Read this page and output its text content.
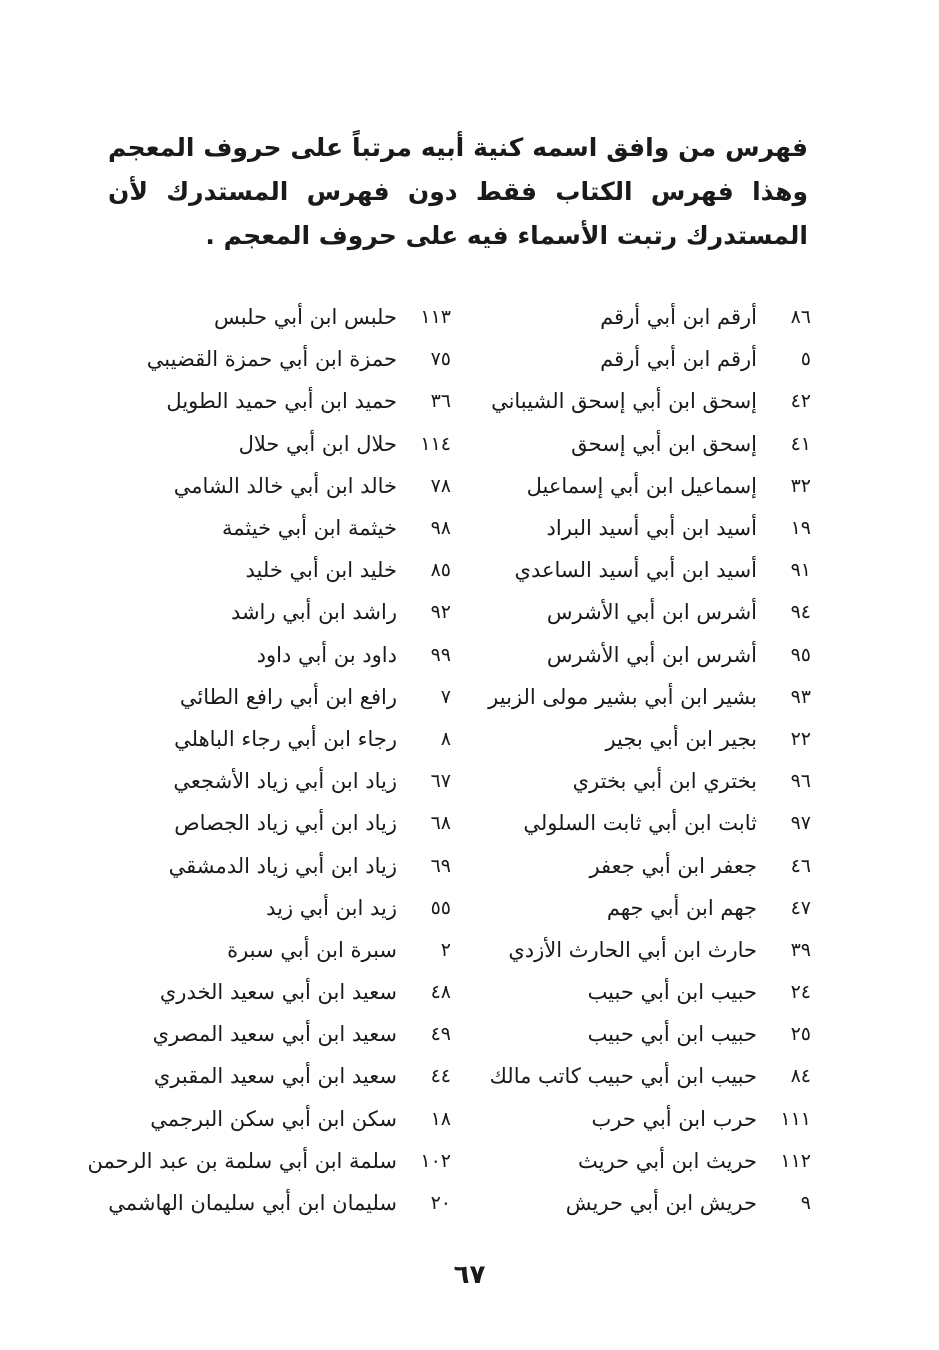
فهرس من وافق اسمه كنية أبيه مرتباً على حروف المعجم وهذا فهرس الكتاب فقط دون فهرس المستدرك لأن المستدرك رتبت الأسماء فيه على حروف المعجم .

٨٦
أرقم ابن أبي أرقم
٥
أرقم ابن أبي أرقم
٤٢
إسحق ابن أبي إسحق الشيباني
٤١
إسحق ابن أبي إسحق
٣٢
إسماعيل ابن أبي إسماعيل
١٩
أسيد ابن أبي أسيد البراد
٩١
أسيد ابن أبي أسيد الساعدي
٩٤
أشرس ابن أبي الأشرس
٩٥
أشرس ابن أبي الأشرس
٩٣
بشير ابن أبي بشير مولى الزبير
٢٢
بجير ابن أبي بجير
٩٦
بختري ابن أبي بختري
٩٧
ثابت ابن أبي ثابت السلولي
٤٦
جعفر ابن أبي جعفر
٤٧
جهم ابن أبي جهم
٣٩
حارث ابن أبي الحارث الأزدي
٢٤
حبيب ابن أبي حبيب
٢٥
حبيب ابن أبي حبيب
٨٤
حبيب ابن أبي حبيب كاتب مالك
١١١
حرب ابن أبي حرب
١١٢
حريث ابن أبي حريث
٩
حريش ابن أبي حريش
١١٣
حلبس ابن أبي حلبس
٧٥
حمزة ابن أبي حمزة القضيبي
٣٦
حميد ابن أبي حميد الطويل
١١٤
حلال ابن أبي حلال
٧٨
خالد ابن أبي خالد الشامي
٩٨
خيثمة ابن أبي خيثمة
٨٥
خليد ابن أبي خليد
٩٢
راشد ابن أبي راشد
٩٩
داود بن أبي داود
٧
رافع ابن أبي رافع الطائي
٨
رجاء ابن أبي رجاء الباهلي
٦٧
زياد ابن أبي زياد الأشجعي
٦٨
زياد ابن أبي زياد الجصاص
٦٩
زياد ابن أبي زياد الدمشقي
٥٥
زيد ابن أبي زيد
٢
سبرة ابن أبي سبرة
٤٨
سعيد ابن أبي سعيد الخدري
٤٩
سعيد ابن أبي سعيد المصري
٤٤
سعيد ابن أبي سعيد المقبري
١٨
سكن ابن أبي سكن البرجمي
١٠٢
سلمة ابن أبي سلمة بن عبد الرحمن
٢٠
سليمان ابن أبي سليمان الهاشمي
٦٧
